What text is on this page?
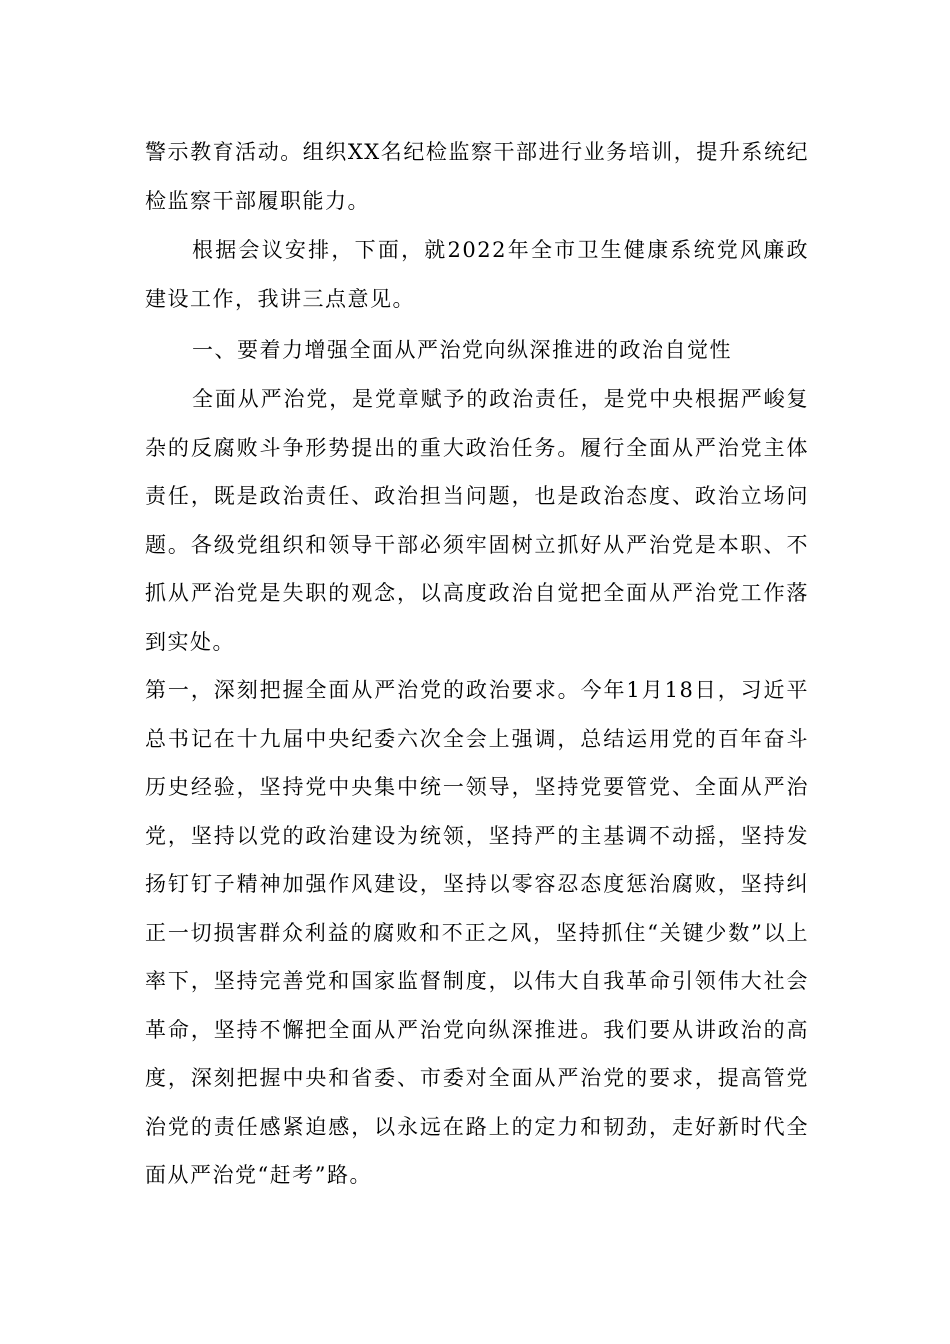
警示教育活动。组织XX名纪检监察干部进行业务培训，提升系统纪检监察干部履职能力。

根据会议安排，下面，就2022年全市卫生健康系统党风廉政建设工作，我讲三点意见。

一、要着力增强全面从严治党向纵深推进的政治自觉性

全面从严治党，是党章赋予的政治责任，是党中央根据严峻复杂的反腐败斗争形势提出的重大政治任务。履行全面从严治党主体责任，既是政治责任、政治担当问题，也是政治态度、政治立场问题。各级党组织和领导干部必须牢固树立抓好从严治党是本职、不抓从严治党是失职的观念，以高度政治自觉把全面从严治党工作落到实处。

第一，深刻把握全面从严治党的政治要求。今年1月18日，习近平总书记在十九届中央纪委六次全会上强调，总结运用党的百年奋斗历史经验，坚持党中央集中统一领导，坚持党要管党、全面从严治党，坚持以党的政治建设为统领，坚持严的主基调不动摇，坚持发扬钉钉子精神加强作风建设，坚持以零容忍态度惩治腐败，坚持纠正一切损害群众利益的腐败和不正之风，坚持抓住“关键少数”以上率下，坚持完善党和国家监督制度，以伟大自我革命引领伟大社会革命，坚持不懈把全面从严治党向纵深推进。我们要从讲政治的高度，深刻把握中央和省委、市委对全面从严治党的要求，提高管党治党的责任感紧迫感，以永远在路上的定力和韧劲，走好新时代全面从严治党“赶考”路。
